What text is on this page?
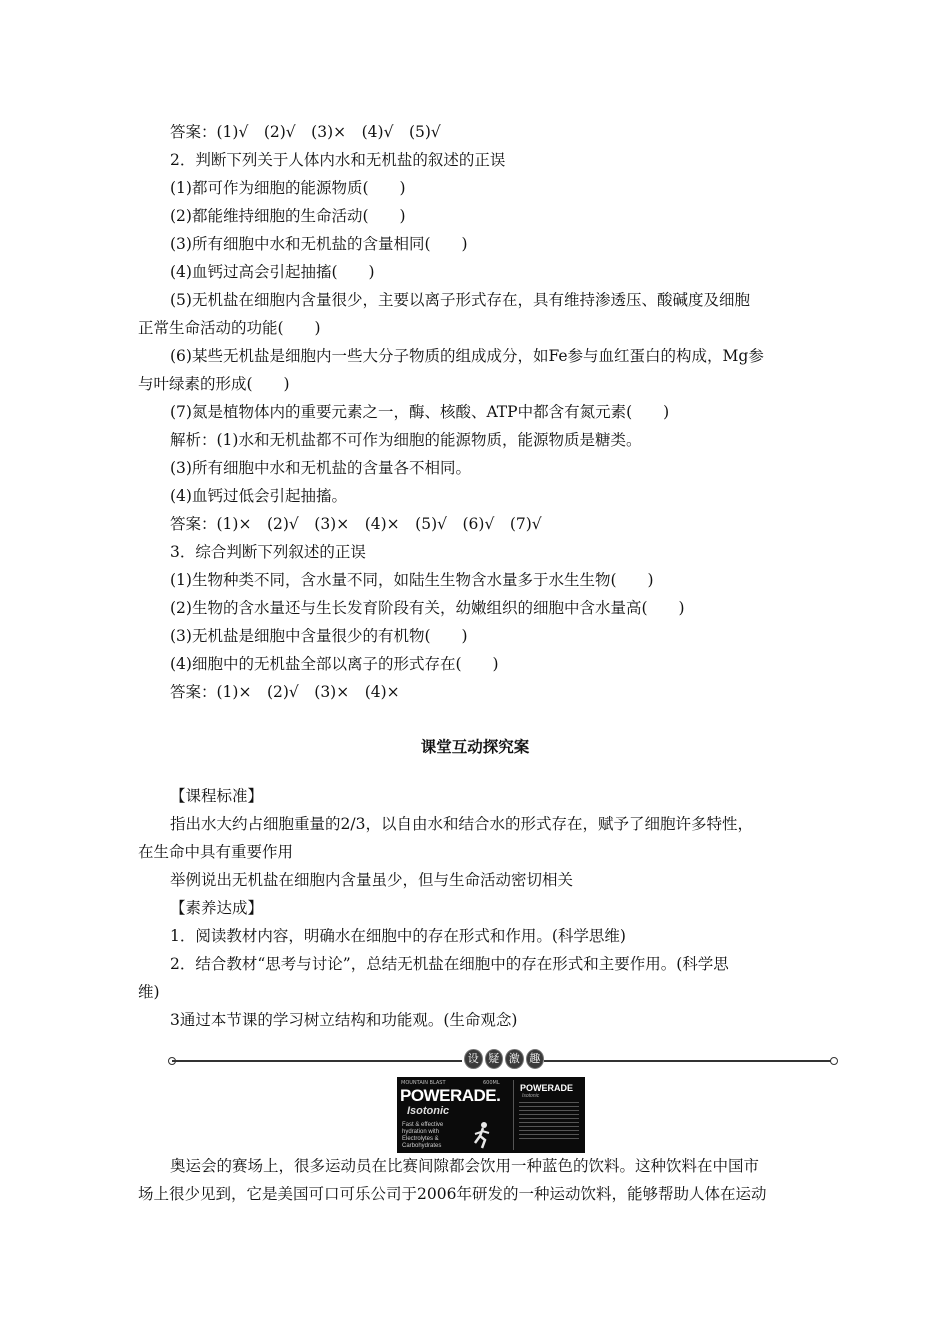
答案：(1)√　(2)√　(3)×　(4)√　(5)√
2．判断下列关于人体内水和无机盐的叙述的正误
(1)都可作为细胞的能源物质(　　)
(2)都能维持细胞的生命活动(　　)
(3)所有细胞中水和无机盐的含量相同(　　)
(4)血钙过高会引起抽搐(　　)
(5)无机盐在细胞内含量很少，主要以离子形式存在，具有维持渗透压、酸碱度及细胞
正常生命活动的功能(　　)
(6)某些无机盐是细胞内一些大分子物质的组成成分，如Fe参与血红蛋白的构成，Mg参
与叶绿素的形成(　　)
(7)氮是植物体内的重要元素之一，酶、核酸、ATP中都含有氮元素(　　)
解析：(1)水和无机盐都不可作为细胞的能源物质，能源物质是糖类。
(3)所有细胞中水和无机盐的含量各不相同。
(4)血钙过低会引起抽搐。
答案：(1)×　(2)√　(3)×　(4)×　(5)√　(6)√　(7)√
3．综合判断下列叙述的正误
(1)生物种类不同，含水量不同，如陆生生物含水量多于水生生物(　　)
(2)生物的含水量还与生长发育阶段有关，幼嫩组织的细胞中含水量高(　　)
(3)无机盐是细胞中含量很少的有机物(　　)
(4)细胞中的无机盐全部以离子的形式存在(　　)
答案：(1)×　(2)√　(3)×　(4)×
课堂互动探究案
【课程标准】
指出水大约占细胞重量的2/3，以自由水和结合水的形式存在，赋予了细胞许多特性，
在生命中具有重要作用
举例说出无机盐在细胞内含量虽少，但与生命活动密切相关
【素养达成】
1．阅读教材内容，明确水在细胞中的存在形式和作用。(科学思维)
2．结合教材“思考与讨论”，总结无机盐在细胞中的存在形式和主要作用。(科学思
维)
3通过本节课的学习树立结构和功能观。(生命观念)
设 疑 激 趣
MOUNTAIN BLAST	600ML
POWERADE.
Isotonic
Fast & effective hydration with Electrolytes & Carbohydrates
POWERADE
Isotonic
奥运会的赛场上，很多运动员在比赛间隙都会饮用一种蓝色的饮料。这种饮料在中国市
场上很少见到，它是美国可口可乐公司于2006年研发的一种运动饮料，能够帮助人体在运动
